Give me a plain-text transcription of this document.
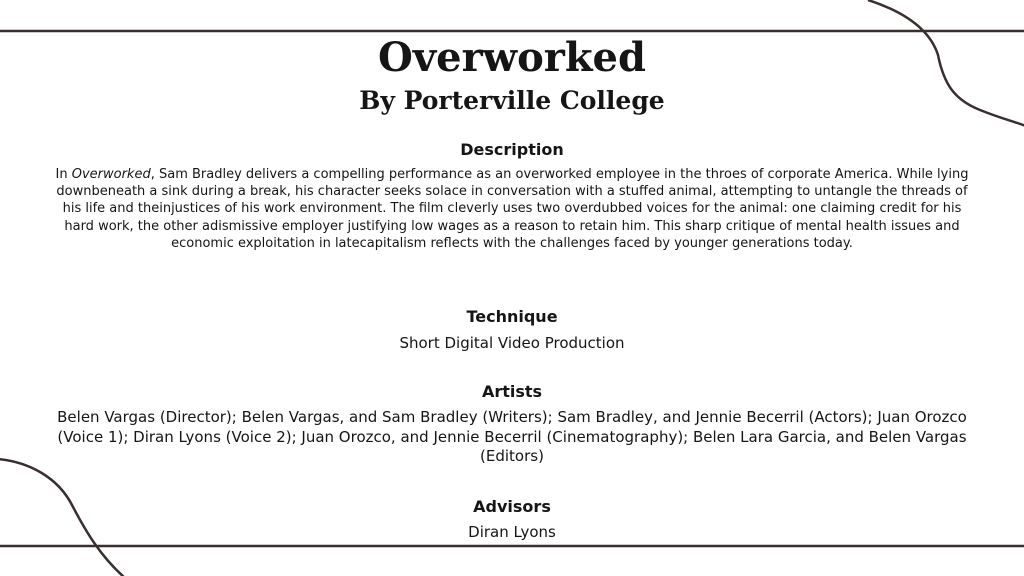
Overworked
By Porterville College
Description
In Overworked, Sam Bradley delivers a compelling performance as an overworked employee in the throes of corporate America. While lying downbeneath a sink during a break, his character seeks solace in conversation with a stuffed animal, attempting to untangle the threads of his life and theinjustices of his work environment. The film cleverly uses two overdubbed voices for the animal: one claiming credit for his hard work, the other adismissive employer justifying low wages as a reason to retain him. This sharp critique of mental health issues and economic exploitation in latecapitalism reflects with the challenges faced by younger generations today.
Technique
Short Digital Video Production
Artists
Belen Vargas (Director); Belen Vargas, and Sam Bradley (Writers); Sam Bradley, and Jennie Becerril (Actors); Juan Orozco (Voice 1); Diran Lyons (Voice 2); Juan Orozco, and Jennie Becerril (Cinematography); Belen Lara Garcia, and Belen Vargas (Editors)
Advisors
Diran Lyons
